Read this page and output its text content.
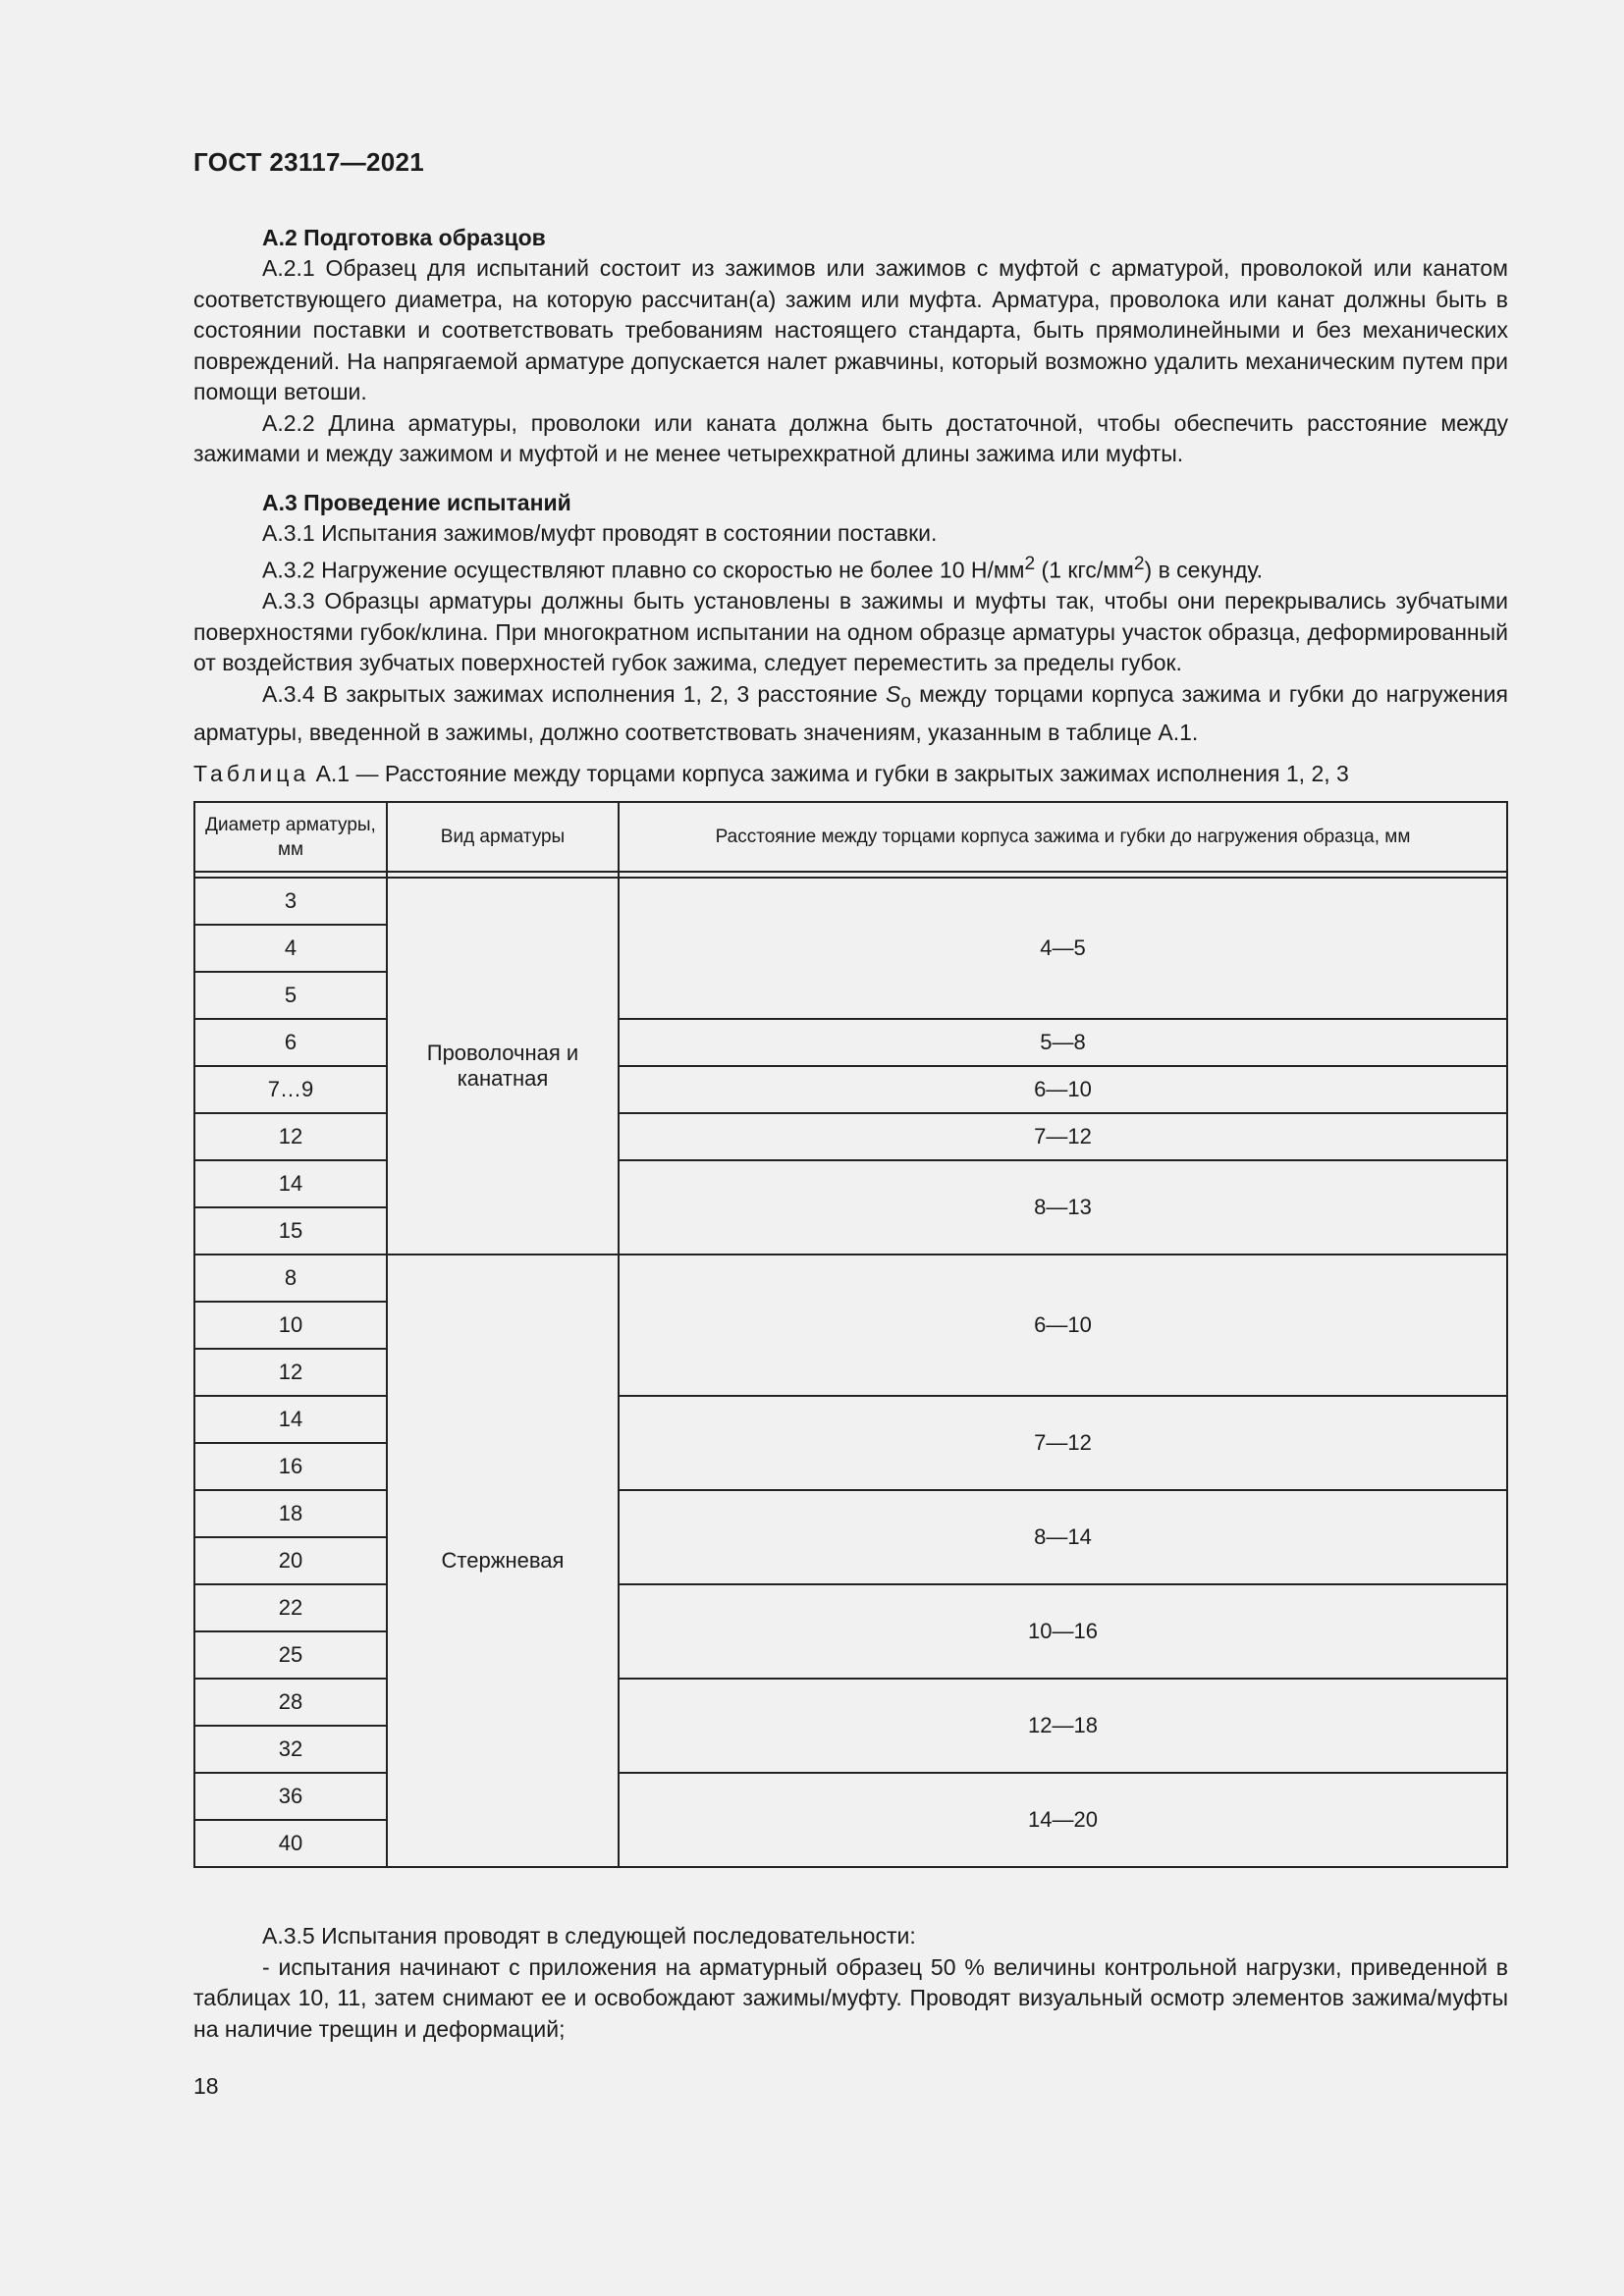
ГОСТ 23117—2021

А.2 Подготовка образцов

А.2.1 Образец для испытаний состоит из зажимов или зажимов с муфтой с арматурой, проволокой или канатом соответствующего диаметра, на которую рассчитан(а) зажим или муфта. Арматура, проволока или канат должны быть в состоянии поставки и соответствовать требованиям настоящего стандарта, быть прямолинейными и без механических повреждений. На напрягаемой арматуре допускается налет ржавчины, который возможно удалить механическим путем при помощи ветоши.

А.2.2 Длина арматуры, проволоки или каната должна быть достаточной, чтобы обеспечить расстояние между зажимами и между зажимом и муфтой и не менее четырехкратной длины зажима или муфты.

А.3 Проведение испытаний

А.3.1 Испытания зажимов/муфт проводят в состоянии поставки.

А.3.2 Нагружение осуществляют плавно со скоростью не более 10 $Н/мм^2$ (1 кгс/$мм^2$) в секунду.

А.3.3 Образцы арматуры должны быть установлены в зажимы и муфты так, чтобы они перекрывались зубчатыми поверхностями губок/клина. При многократном испытании на одном образце арматуры участок образца, деформированный от воздействия зубчатых поверхностей губок зажима, следует переместить за пределы губок.

А.3.4 В закрытых зажимах исполнения 1, 2, 3 расстояние $S_o$ между торцами корпуса зажима и губки до нагружения арматуры, введенной в зажимы, должно соответствовать значениям, указанным в таблице А.1.

Таблица А.1 — Расстояние между торцами корпуса зажима и губки в закрытых зажимах исполнения 1, 2, 3
Диаметр арматуры, мм	Вид арматуры	Расстояние между торцами корпуса зажима и губки до нагружения образца, мм

3	Проволочная и канатная	4—5
4		
5		
6		5—8
7…9		6—10
12		7—12
14		8—13
15		
8	Стержневая	6—10
10		
12		
14		7—12
16		
18		8—14
20		
22		10—16
25		
28		12—18
32		
36		14—20
40		

А.3.5 Испытания проводят в следующей последовательности:

- испытания начинают с приложения на арматурный образец 50 % величины контрольной нагрузки, приведенной в таблицах 10, 11, затем снимают ее и освобождают зажимы/муфту. Проводят визуальный осмотр элементов зажима/муфты на наличие трещин и деформаций;

18
